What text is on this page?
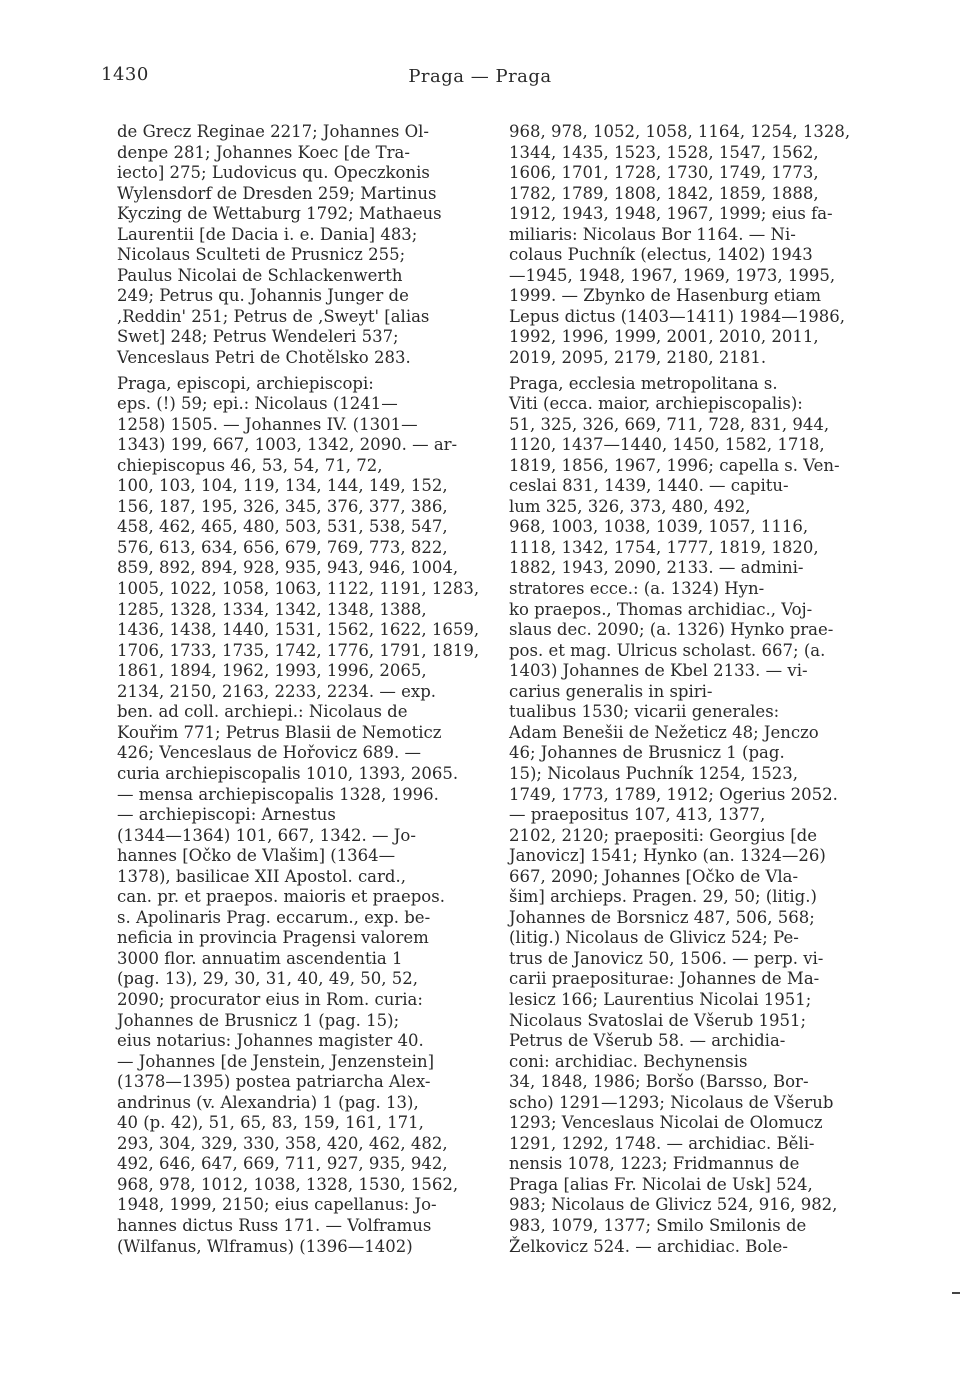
1430	Praga — Praga
de Grecz Reginae 2217; Johannes Ol-
denpe 281; Johannes Koec [de Tra-
iecto] 275; Ludovicus qu. Opeczkonis
Wylensdorf de Dresden 259; Martinus
Kyczing de Wettaburg 1792; Mathaeus
Laurentii [de Dacia i. e. Dania] 483;
Nicolaus Sculteti de Prusnicz 255;
Paulus Nicolai de Schlackenwerth
249; Petrus qu. Johannis Junger de
,Reddin' 251; Petrus de ,Sweyt' [alias
Swet] 248; Petrus Wendeleri 537;
Venceslaus Petri de Chotělsko 283.
Praga, episcopi, archiepiscopi:
eps. (!) 59; epi.: Nicolaus (1241—
1258) 1505. — Johannes IV. (1301—
1343) 199, 667, 1003, 1342, 2090. — ar-
chiepiscopus 46, 53, 54, 71, 72,
100, 103, 104, 119, 134, 144, 149, 152,
156, 187, 195, 326, 345, 376, 377, 386,
458, 462, 465, 480, 503, 531, 538, 547,
576, 613, 634, 656, 679, 769, 773, 822,
859, 892, 894, 928, 935, 943, 946, 1004,
1005, 1022, 1058, 1063, 1122, 1191, 1283,
1285, 1328, 1334, 1342, 1348, 1388,
1436, 1438, 1440, 1531, 1562, 1622, 1659,
1706, 1733, 1735, 1742, 1776, 1791, 1819,
1861, 1894, 1962, 1993, 1996, 2065,
2134, 2150, 2163, 2233, 2234. — exp.
ben. ad coll. archiepi.: Nicolaus de
Kouřim 771; Petrus Blasii de Nemoticz
426; Venceslaus de Hořovicz 689. —
curia archiepiscopalis 1010, 1393, 2065.
— mensa archiepiscopalis 1328, 1996.
— archiepiscopi: Arnestus
(1344—1364) 101, 667, 1342. — Jo-
hannes [Očko de Vlašim] (1364—
1378), basilicae XII Apostol. card.,
can. pr. et praepos. maioris et praepos.
s. Apolinaris Prag. eccarum., exp. be-
neficia in provincia Pragensi valorem
3000 flor. annuatim ascendentia 1
(pag. 13), 29, 30, 31, 40, 49, 50, 52,
2090; procurator eius in Rom. curia:
Johannes de Brusnicz 1 (pag. 15);
eius notarius: Johannes magister 40.
— Johannes [de Jenstein, Jenzenstein]
(1378—1395) postea patriarcha Alex-
andrinus (v. Alexandria) 1 (pag. 13),
40 (p. 42), 51, 65, 83, 159, 161, 171,
293, 304, 329, 330, 358, 420, 462, 482,
492, 646, 647, 669, 711, 927, 935, 942,
968, 978, 1012, 1038, 1328, 1530, 1562,
1948, 1999, 2150; eius capellanus: Jo-
hannes dictus Russ 171. — Volframus
(Wilfanus, Wlframus) (1396—1402)
968, 978, 1052, 1058, 1164, 1254, 1328,
1344, 1435, 1523, 1528, 1547, 1562,
1606, 1701, 1728, 1730, 1749, 1773,
1782, 1789, 1808, 1842, 1859, 1888,
1912, 1943, 1948, 1967, 1999; eius fa-
miliaris: Nicolaus Bor 1164. — Ni-
colaus Puchník (electus, 1402) 1943
—1945, 1948, 1967, 1969, 1973, 1995,
1999. — Zbynko de Hasenburg etiam
Lepus dictus (1403—1411) 1984—1986,
1992, 1996, 1999, 2001, 2010, 2011,
2019, 2095, 2179, 2180, 2181.
Praga, ecclesia metropolitana s.
Viti (ecca. maior, archiepiscopalis):
51, 325, 326, 669, 711, 728, 831, 944,
1120, 1437—1440, 1450, 1582, 1718,
1819, 1856, 1967, 1996; capella s. Ven-
ceslai 831, 1439, 1440. — capitu-
lum 325, 326, 373, 480, 492,
968, 1003, 1038, 1039, 1057, 1116,
1118, 1342, 1754, 1777, 1819, 1820,
1882, 1943, 2090, 2133. — admini-
stratores ecce.: (a. 1324) Hyn-
ko praepos., Thomas archidiac., Voj-
slaus dec. 2090; (a. 1326) Hynko prae-
pos. et mag. Ulricus scholast. 667; (a.
1403) Johannes de Kbel 2133. — vi-
carius generalis in spiri-
tualibus 1530; vicarii generales:
Adam Benešii de Nežeticz 48; Jenczo
46; Johannes de Brusnicz 1 (pag.
15); Nicolaus Puchník 1254, 1523,
1749, 1773, 1789, 1912; Ogerius 2052.
— praepositus 107, 413, 1377,
2102, 2120; praepositi: Georgius [de
Janovicz] 1541; Hynko (an. 1324—26)
667, 2090; Johannes [Očko de Vla-
šim] archieps. Pragen. 29, 50; (litig.)
Johannes de Borsnicz 487, 506, 568;
(litig.) Nicolaus de Glivicz 524; Pe-
trus de Janovicz 50, 1506. — perp. vi-
carii praepositurae: Johannes de Ma-
lesicz 166; Laurentius Nicolai 1951;
Nicolaus Svatoslai de Všerub 1951;
Petrus de Všerub 58. — archidia-
coni: archidiac. Bechynensis
34, 1848, 1986; Boršo (Barsso, Bor-
scho) 1291—1293; Nicolaus de Všerub
1293; Venceslaus Nicolai de Olomucz
1291, 1292, 1748. — archidiac. Běli-
nensis 1078, 1223; Fridmannus de
Praga [alias Fr. Nicolai de Usk] 524,
983; Nicolaus de Glivicz 524, 916, 982,
983, 1079, 1377; Smilo Smilonis de
Želkovicz 524. — archidiac. Bole-
